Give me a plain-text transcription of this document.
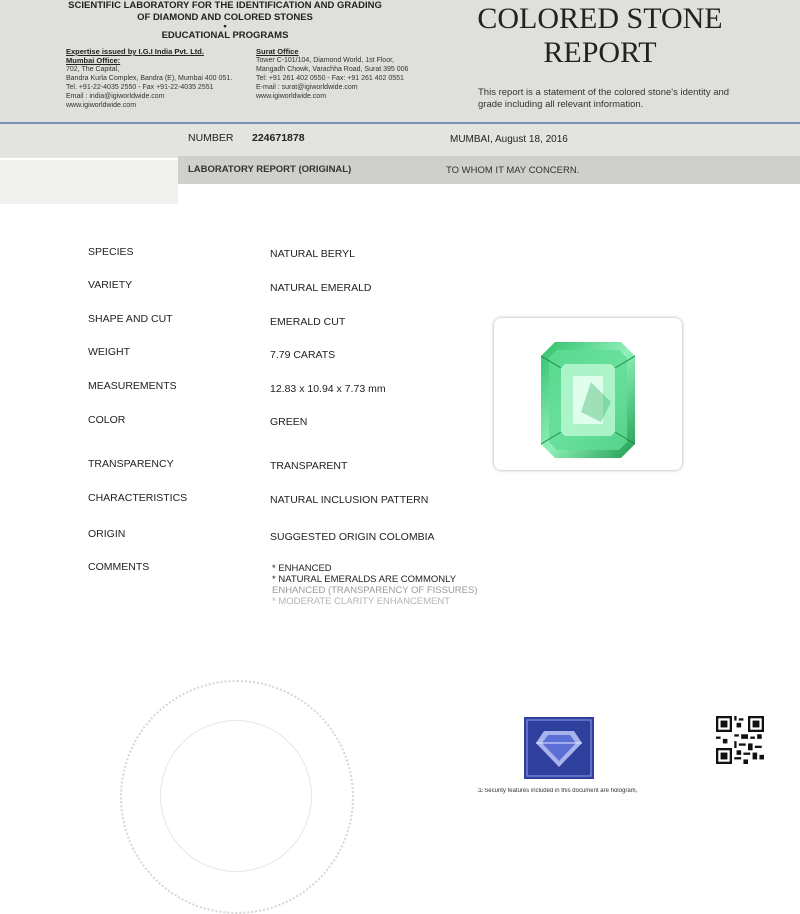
SCIENTIFIC LABORATORY FOR THE IDENTIFICATION AND GRADING
OF DIAMOND AND COLORED STONES
•
EDUCATIONAL PROGRAMS
Expertise issued by I.G.I India Pvt. Ltd.
Mumbai Office:
702, The Capital,
Bandra Kurla Complex, Bandra (E), Mumbai 400 051.
Tel. +91-22-4035 2550 - Fax +91-22-4035 2551
Email : india@igiworldwide.com
www.igiworldwide.com
Surat Office
Tower C-101/104, Diamond World, 1st Floor,
Mangadh Chowk, Varachha Road, Surat 395 006
Tel: +91 261 402 0550 - Fax: +91 261 402 0551
E-mail : surat@igiworldwide.com
www.igiworldwide.com
COLORED STONE
REPORT
This report is a statement of the colored stone's identity and grade including all relevant information.
NUMBER 224671878	MUMBAI, August 18, 2016
LABORATORY REPORT (ORIGINAL)	TO WHOM IT MAY CONCERN.
SPECIES	NATURAL BERYL
VARIETY	NATURAL EMERALD
SHAPE AND CUT	EMERALD CUT
WEIGHT	7.79 CARATS
MEASUREMENTS	12.83 x 10.94 x 7.73 mm
COLOR	GREEN
TRANSPARENCY	TRANSPARENT
CHARACTERISTICS	NATURAL INCLUSION PATTERN
ORIGIN	SUGGESTED ORIGIN COLOMBIA
COMMENTS	* ENHANCED
* NATURAL EMERALDS ARE COMMONLY
ENHANCED (TRANSPARENCY OF FISSURES)
* MODERATE CLARITY ENHANCEMENT
⚿ Security features included in this document are hologram,
